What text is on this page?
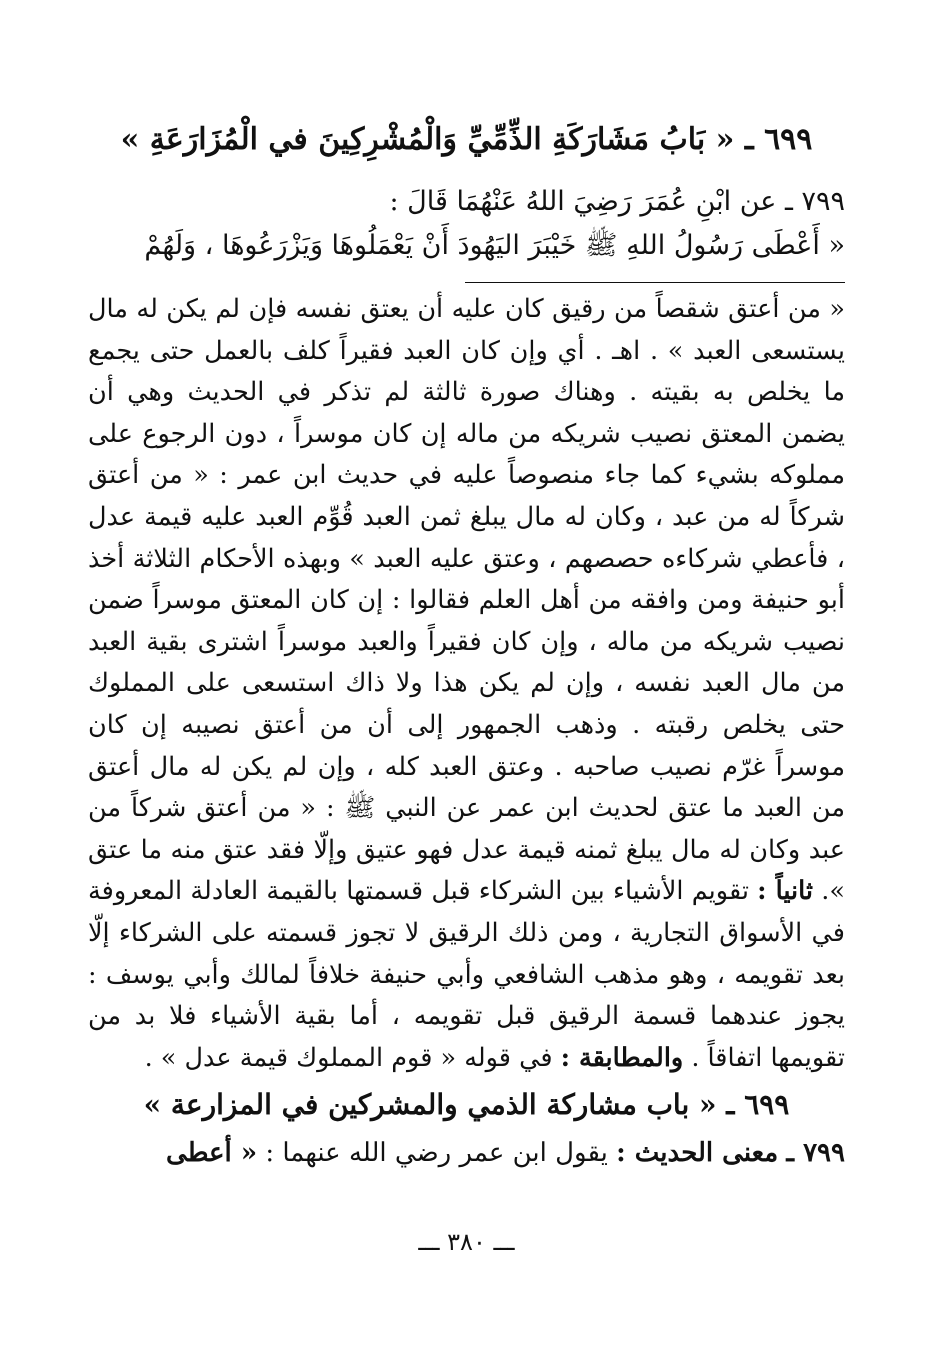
٦٩٩ ـ « بَابُ مَشَارَكَةِ الذِّمِّيِّ وَالْمُشْرِكِينَ في الْمُزَارَعَةِ »

٧٩٩ ـ عن ابْنِ عُمَرَ رَضِيَ اللهُ عَنْهُمَا قَالَ :

« أَعْطَى رَسُولُ اللهِ ﷺ خَيْبَرَ اليَهُودَ أَنْ يَعْمَلُوهَا وَيَزْرَعُوهَا ، وَلَهُمْ

« من أعتق شقصاً من رقيق كان عليه أن يعتق نفسه فإن لم يكن له مال يستسعى العبد » . اهـ . أي وإن كان العبد فقيراً كلف بالعمل حتى يجمع ما يخلص به بقيته . وهناك صورة ثالثة لم تذكر في الحديث وهي أن يضمن المعتق نصيب شريكه من ماله إن كان موسراً ، دون الرجوع على مملوكه بشيء كما جاء منصوصاً عليه في حديث ابن عمر : « من أعتق شركاً له من عبد ، وكان له مال يبلغ ثمن العبد قُوِّم العبد عليه قيمة عدل ، فأعطي شركاءه حصصهم ، وعتق عليه العبد » وبهذه الأحكام الثلاثة أخذ أبو حنيفة ومن وافقه من أهل العلم فقالوا : إن كان المعتق موسراً ضمن نصيب شريكه من ماله ، وإن كان فقيراً والعبد موسراً اشترى بقية العبد من مال العبد نفسه ، وإن لم يكن هذا ولا ذاك استسعى على المملوك حتى يخلص رقبته . وذهب الجمهور إلى أن من أعتق نصيبه إن كان موسراً غرّم نصيب صاحبه . وعتق العبد كله ، وإن لم يكن له مال أعتق من العبد ما عتق لحديث ابن عمر عن النبي ﷺ : « من أعتق شركاً من عبد وكان له مال يبلغ ثمنه قيمة عدل فهو عتيق وإلّا فقد عتق منه ما عتق ». ثانياً : تقويم الأشياء بين الشركاء قبل قسمتها بالقيمة العادلة المعروفة في الأسواق التجارية ، ومن ذلك الرقيق لا تجوز قسمته على الشركاء إلّا بعد تقويمه ، وهو مذهب الشافعي وأبي حنيفة خلافاً لمالك وأبي يوسف : يجوز عندهما قسمة الرقيق قبل تقويمه ، أما بقية الأشياء فلا بد من تقويمها اتفاقاً . والمطابقة : في قوله « قوم المملوك قيمة عدل » .

٦٩٩ ـ « باب مشاركة الذمي والمشركين في المزارعة »

٧٩٩ ـ معنى الحديث : يقول ابن عمر رضي الله عنهما : « أعطى

ـــ ٣٨٠ ـــ
